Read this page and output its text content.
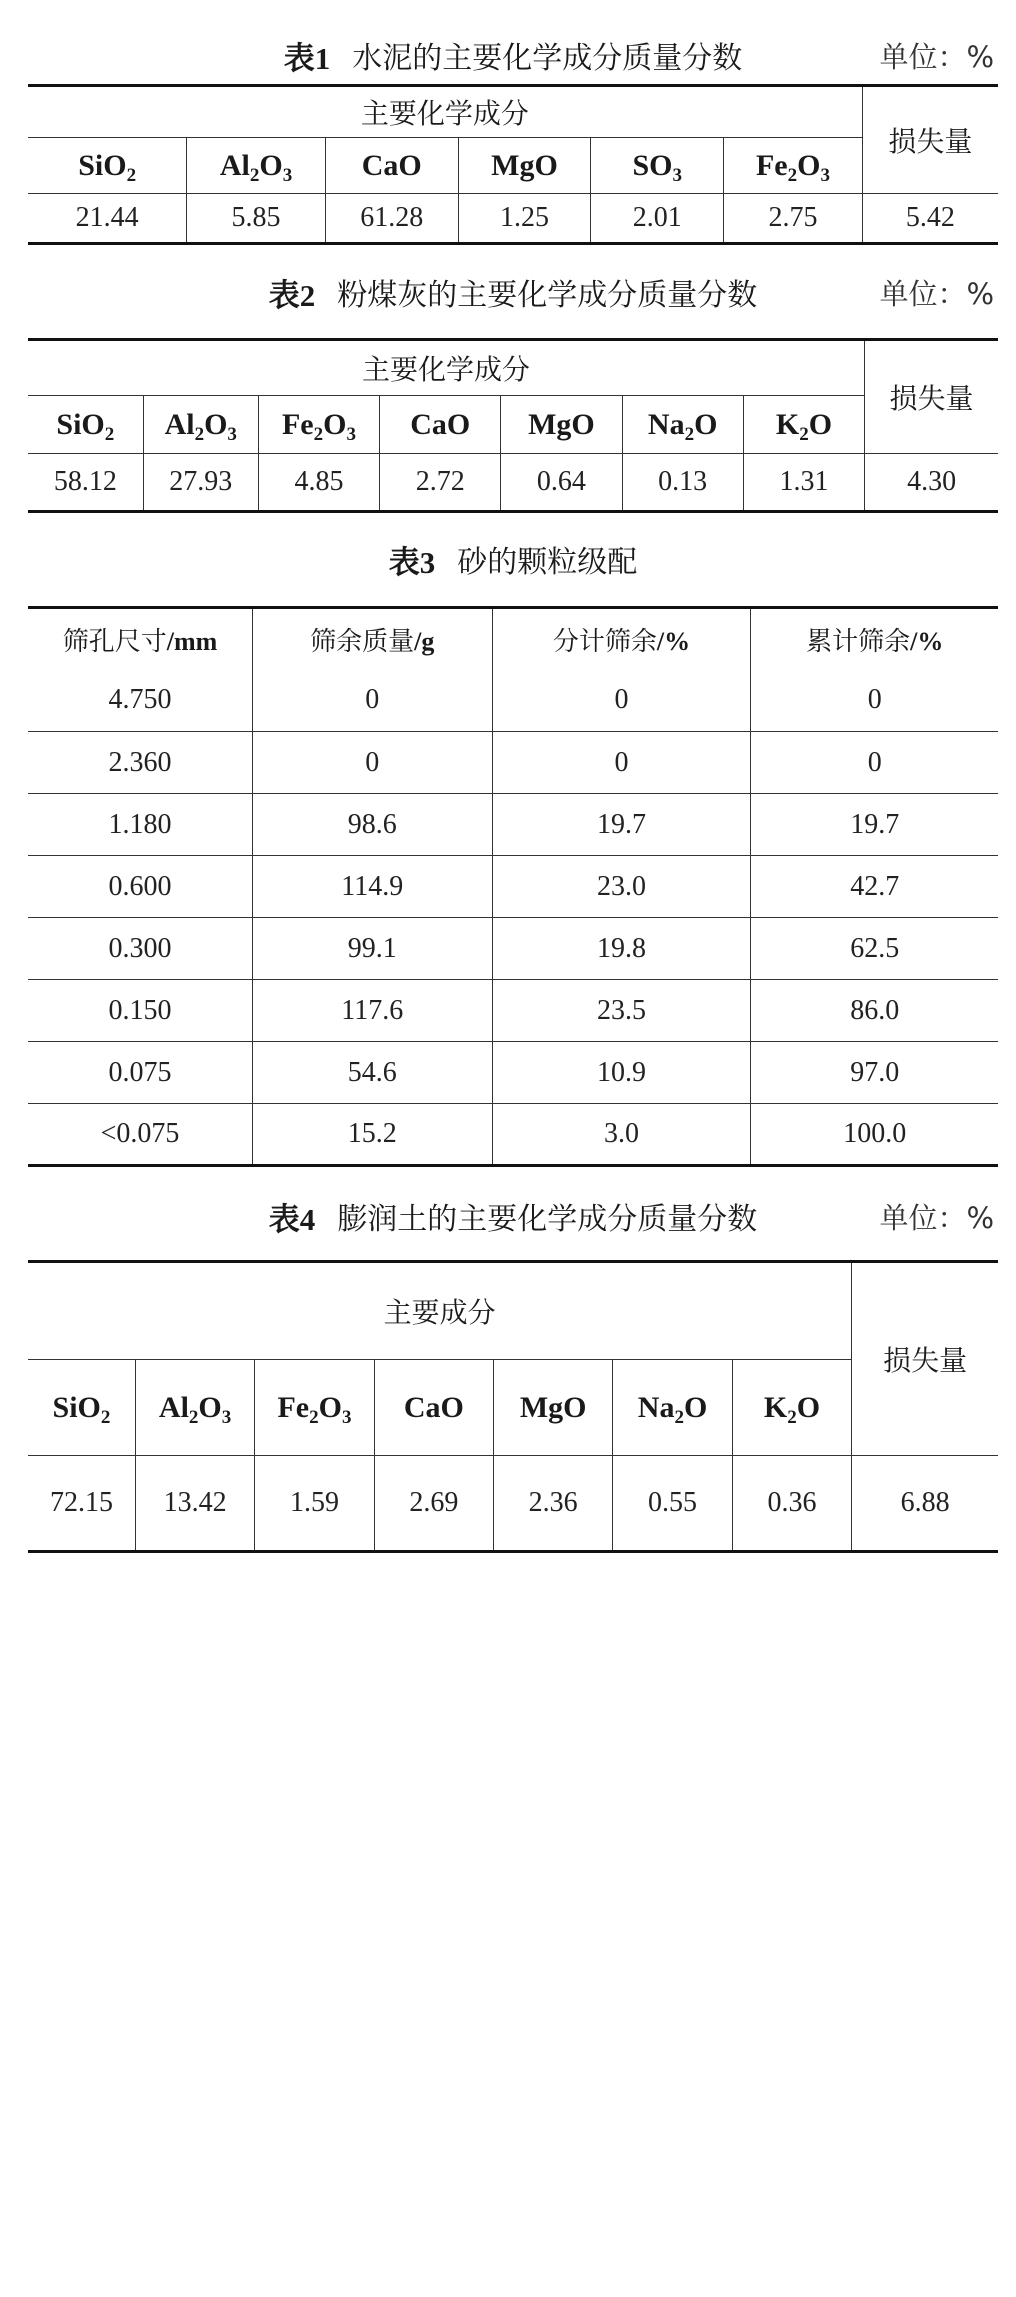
表1 水泥的主要化学成分质量分数	单位：%
主要化学成分						损失量
SiO$_2$	$Al_2O_3$	CaO	MgO	$SO_3$	$Fe_2O_3$
21.44	5.85	61.28	1.25	2.01	2.75	5.42
表2 粉煤灰的主要化学成分质量分数	单位：%
主要化学成分							损失量
SiO$_2$	$Al_2O_3$	$Fe_2O_3$	CaO	MgO	$Na_2O$	$K_2O$	
58.12	27.93	4.85	2.72	0.64	0.13	1.31	4.30
表3 砂的颗粒级配
筛孔尺寸/mm	筛余质量/g	分计筛余/%	累计筛余/%
4.750	0	0	0
2.360	0	0	0
1.180	98.6	19.7	19.7
0.600	114.9	23.0	42.7
0.300	99.1	19.8	62.5
0.150	117.6	23.5	86.0
0.075	54.6	10.9	97.0
<0.075	15.2	3.0	100.0
表4 膨润土的主要化学成分质量分数	单位：%
主要成分							损失量
SiO$_2$	$Al_2O_3$	$Fe_2O_3$	CaO	MgO	$Na_2O$	$K_2O$	
72.15	13.42	1.59	2.69	2.36	0.55	0.36	6.88
